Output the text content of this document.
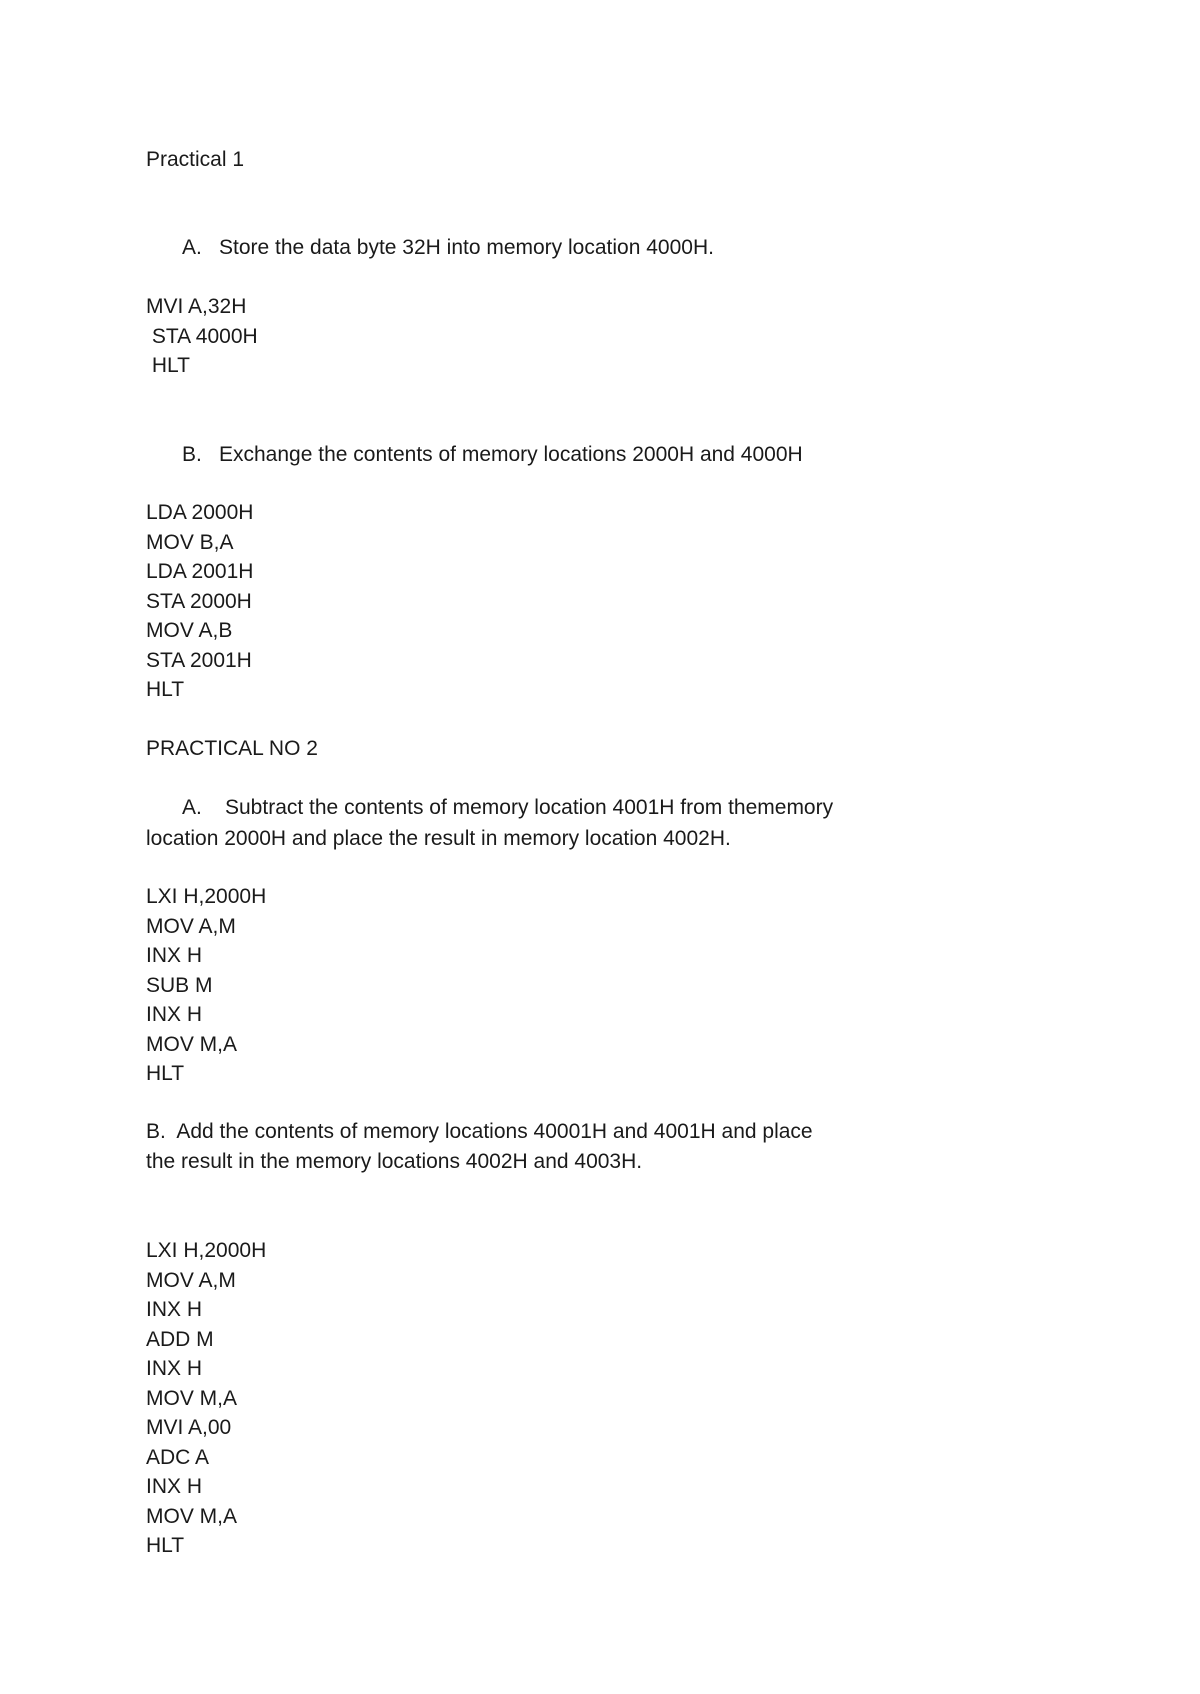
Practical 1
A. Store the data byte 32H into memory location 4000H.
MVI A,32H
STA 4000H
HLT
B. Exchange the contents of memory locations 2000H and 4000H
LDA 2000H
MOV B,A
LDA 2001H
STA 2000H
MOV A,B
STA 2001H
HLT
PRACTICAL NO 2
A. Subtract the contents of memory location 4001H from thememory
location 2000H and place the result in memory location 4002H.
LXI H,2000H
MOV A,M
INX H
SUB M
INX H
MOV M,A
HLT
B.  Add the contents of memory locations 40001H and 4001H and place
the result in the memory locations 4002H and 4003H.
LXI H,2000H
MOV A,M
INX H
ADD M
INX H
MOV M,A
MVI A,00
ADC A
INX H
MOV M,A
HLT
